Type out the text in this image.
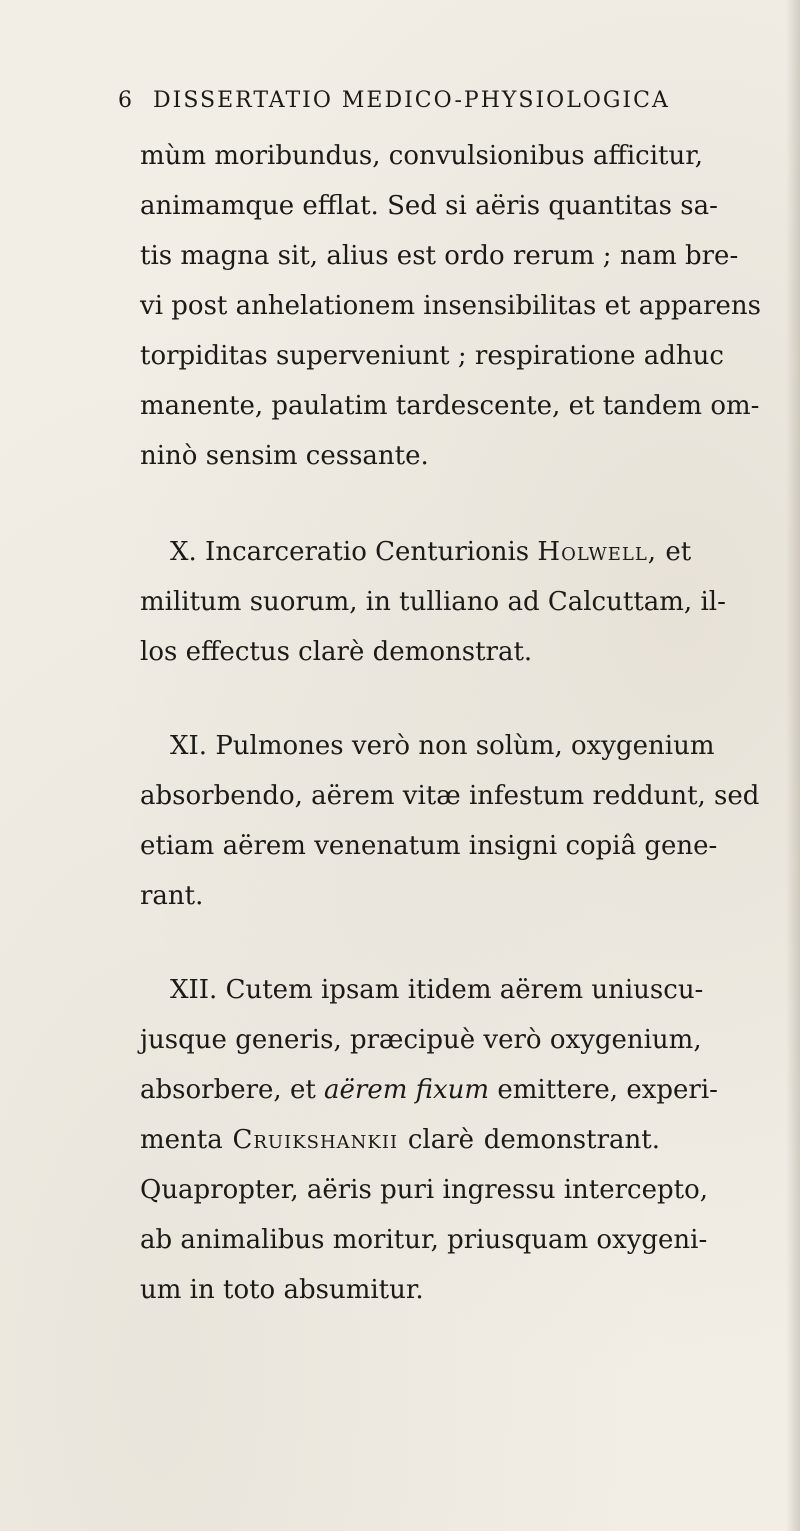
6 DISSERTATIO MEDICO-PHYSIOLOGICA
mùm moribundus, convulsionibus afficitur,
animamque efflat. Sed si aëris quantitas sa-
tis magna sit, alius est ordo rerum ; nam bre-
vi post anhelationem insensibilitas et apparens
torpiditas superveniunt ; respiratione adhuc
manente, paulatim tardescente, et tandem om-
ninò sensim cessante.
X. Incarceratio Centurionis Holwell, et
militum suorum, in tulliano ad Calcuttam, il-
los effectus clarè demonstrat.
XI. Pulmones verò non solùm, oxygenium
absorbendo, aërem vitæ infestum reddunt, sed
etiam aërem venenatum insigni copiâ gene-
rant.
XII. Cutem ipsam itidem aërem uniuscu-
jusque generis, præcipuè verò oxygenium,
absorbere, et aërem fixum emittere, experi-
menta Cruikshankii clarè demonstrant.
Quapropter, aëris puri ingressu intercepto,
ab animalibus moritur, priusquam oxygeni-
um in toto absumitur.
